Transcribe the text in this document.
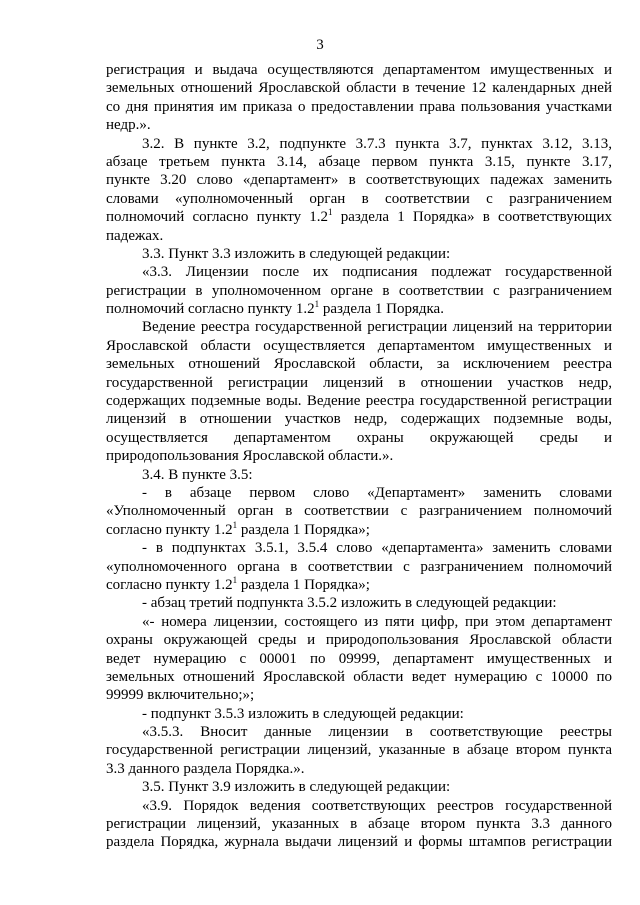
3
регистрация и выдача осуществляются департаментом имущественных и
земельных отношений Ярославской области в течение 12 календарных дней
со дня принятия им приказа о предоставлении права пользования участками
недр.».
3.2. В пункте 3.2, подпункте 3.7.3 пункта 3.7, пунктах 3.12, 3.13,
абзаце третьем пункта 3.14, абзаце первом пункта 3.15, пункте 3.17,
пункте 3.20 слово «департамент» в соответствующих падежах заменить
словами «уполномоченный орган в соответствии с разграничением
полномочий согласно пункту $1.2^1$ раздела 1 Порядка» в соответствующих
падежах.
3.3. Пункт 3.3 изложить в следующей редакции:
«3.3. Лицензии после их подписания подлежат государственной
регистрации в уполномоченном органе в соответствии с разграничением
полномочий согласно пункту $1.2^1$ раздела 1 Порядка.
Ведение реестра государственной регистрации лицензий на территории
Ярославской области осуществляется департаментом имущественных и
земельных отношений Ярославской области, за исключением реестра
государственной регистрации лицензий в отношении участков недр,
содержащих подземные воды. Ведение реестра государственной регистрации
лицензий в отношении участков недр, содержащих подземные воды,
осуществляется департаментом охраны окружающей среды и
природопользования Ярославской области.».
3.4. В пункте 3.5:
- в абзаце первом слово «Департамент» заменить словами
«Уполномоченный орган в соответствии с разграничением полномочий
согласно пункту $1.2^1$ раздела 1 Порядка»;
- в подпунктах 3.5.1, 3.5.4 слово «департамента» заменить словами
«уполномоченного органа в соответствии с разграничением полномочий
согласно пункту $1.2^1$ раздела 1 Порядка»;
- абзац третий подпункта 3.5.2 изложить в следующей редакции:
«- номера лицензии, состоящего из пяти цифр, при этом департамент
охраны окружающей среды и природопользования Ярославской области
ведет нумерацию с 00001 по 09999, департамент имущественных и
земельных отношений Ярославской области ведет нумерацию с 10000 по
99999 включительно;»;
- подпункт 3.5.3 изложить в следующей редакции:
«3.5.3. Вносит данные лицензии в соответствующие реестры
государственной регистрации лицензий, указанные в абзаце втором пункта
3.3 данного раздела Порядка.».
3.5. Пункт 3.9 изложить в следующей редакции:
«3.9. Порядок ведения соответствующих реестров государственной
регистрации лицензий, указанных в абзаце втором пункта 3.3 данного
раздела Порядка, журнала выдачи лицензий и формы штампов регистрации
